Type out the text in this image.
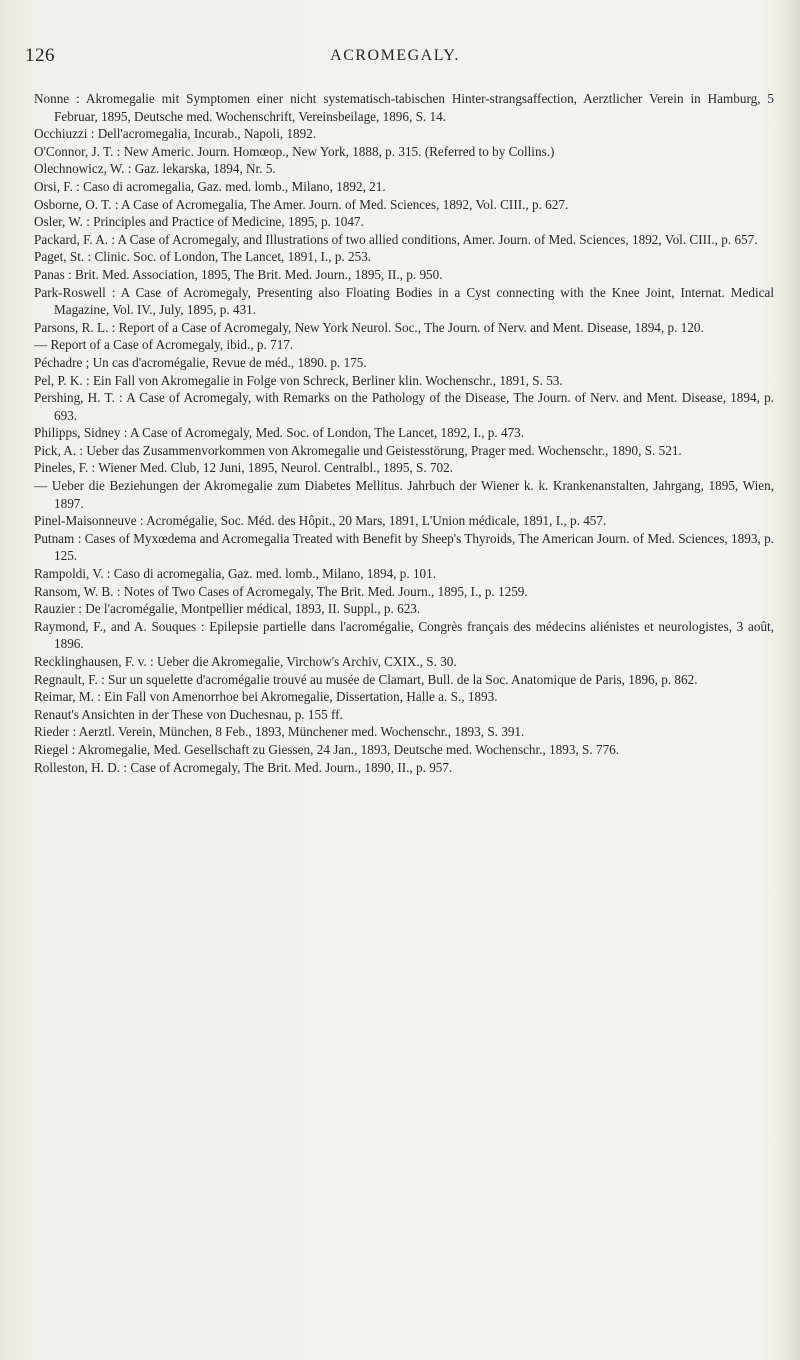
126	ACROMEGALY.

Nonne : Akromegalie mit Symptomen einer nicht systematisch-tabischen Hinter-strangsaffection, Aerztlicher Verein in Hamburg, 5 Februar, 1895, Deutsche med. Wochenschrift, Vereinsbeilage, 1896, S. 14.

Occhiuzzi : Dell'acromegalia, Incurab., Napoli, 1892.

O'Connor, J. T. : New Americ. Journ. Homœop., New York, 1888, p. 315. (Referred to by Collins.)

Olechnowicz, W. : Gaz. lekarska, 1894, Nr. 5.

Orsi, F. : Caso di acromegalia, Gaz. med. lomb., Milano, 1892, 21.

Osborne, O. T. : A Case of Acromegalia, The Amer. Journ. of Med. Sciences, 1892, Vol. CIII., p. 627.

Osler, W. : Principles and Practice of Medicine, 1895, p. 1047.

Packard, F. A. : A Case of Acromegaly, and Illustrations of two allied conditions, Amer. Journ. of Med. Sciences, 1892, Vol. CIII., p. 657.

Paget, St. : Clinic. Soc. of London, The Lancet, 1891, I., p. 253.

Panas : Brit. Med. Association, 1895, The Brit. Med. Journ., 1895, II., p. 950.

Park-Roswell : A Case of Acromegaly, Presenting also Floating Bodies in a Cyst connecting with the Knee Joint, Internat. Medical Magazine, Vol. IV., July, 1895, p. 431.

Parsons, R. L. : Report of a Case of Acromegaly, New York Neurol. Soc., The Journ. of Nerv. and Ment. Disease, 1894, p. 120.

— Report of a Case of Acromegaly, ibid., p. 717.

Péchadre ; Un cas d'acromégalie, Revue de méd., 1890. p. 175.

Pel, P. K. : Ein Fall von Akromegalie in Folge von Schreck, Berliner klin. Wochenschr., 1891, S. 53.

Pershing, H. T. : A Case of Acromegaly, with Remarks on the Pathology of the Disease, The Journ. of Nerv. and Ment. Disease, 1894, p. 693.

Philipps, Sidney : A Case of Acromegaly, Med. Soc. of London, The Lancet, 1892, I., p. 473.

Pick, A. : Ueber das Zusammenvorkommen von Akromegalie und Geistesstörung, Prager med. Wochenschr., 1890, S. 521.

Pineles, F. : Wiener Med. Club, 12 Juni, 1895, Neurol. Centralbl., 1895, S. 702.

— Ueber die Beziehungen der Akromegalie zum Diabetes Mellitus. Jahrbuch der Wiener k. k. Krankenanstalten, Jahrgang, 1895, Wien, 1897.

Pinel-Maisonneuve : Acromégalie, Soc. Méd. des Hôpit., 20 Mars, 1891, L'Union médicale, 1891, I., p. 457.

Putnam : Cases of Myxœdema and Acromegalia Treated with Benefit by Sheep's Thyroids, The American Journ. of Med. Sciences, 1893, p. 125.

Rampoldi, V. : Caso di acromegalia, Gaz. med. lomb., Milano, 1894, p. 101.

Ransom, W. B. : Notes of Two Cases of Acromegaly, The Brit. Med. Journ., 1895, I., p. 1259.

Rauzier : De l'acromégalie, Montpellier médical, 1893, II. Suppl., p. 623.

Raymond, F., and A. Souques : Epilepsie partielle dans l'acromégalie, Congrès français des médecins aliénistes et neurologistes, 3 août, 1896.

Recklinghausen, F. v. : Ueber die Akromegalie, Virchow's Archiv, CXIX., S. 30.

Regnault, F. : Sur un squelette d'acromégalie trouvé au musée de Clamart, Bull. de la Soc. Anatomique de Paris, 1896, p. 862.

Reimar, M. : Ein Fall von Amenorrhoe bei Akromegalie, Dissertation, Halle a. S., 1893.

Renaut's Ansichten in der These von Duchesnau, p. 155 ff.

Rieder : Aerztl. Verein, München, 8 Feb., 1893, Münchener med. Wochenschr., 1893, S. 391.

Riegel : Akromegalie, Med. Gesellschaft zu Giessen, 24 Jan., 1893, Deutsche med. Wochenschr., 1893, S. 776.

Rolleston, H. D. : Case of Acromegaly, The Brit. Med. Journ., 1890, II., p. 957.
